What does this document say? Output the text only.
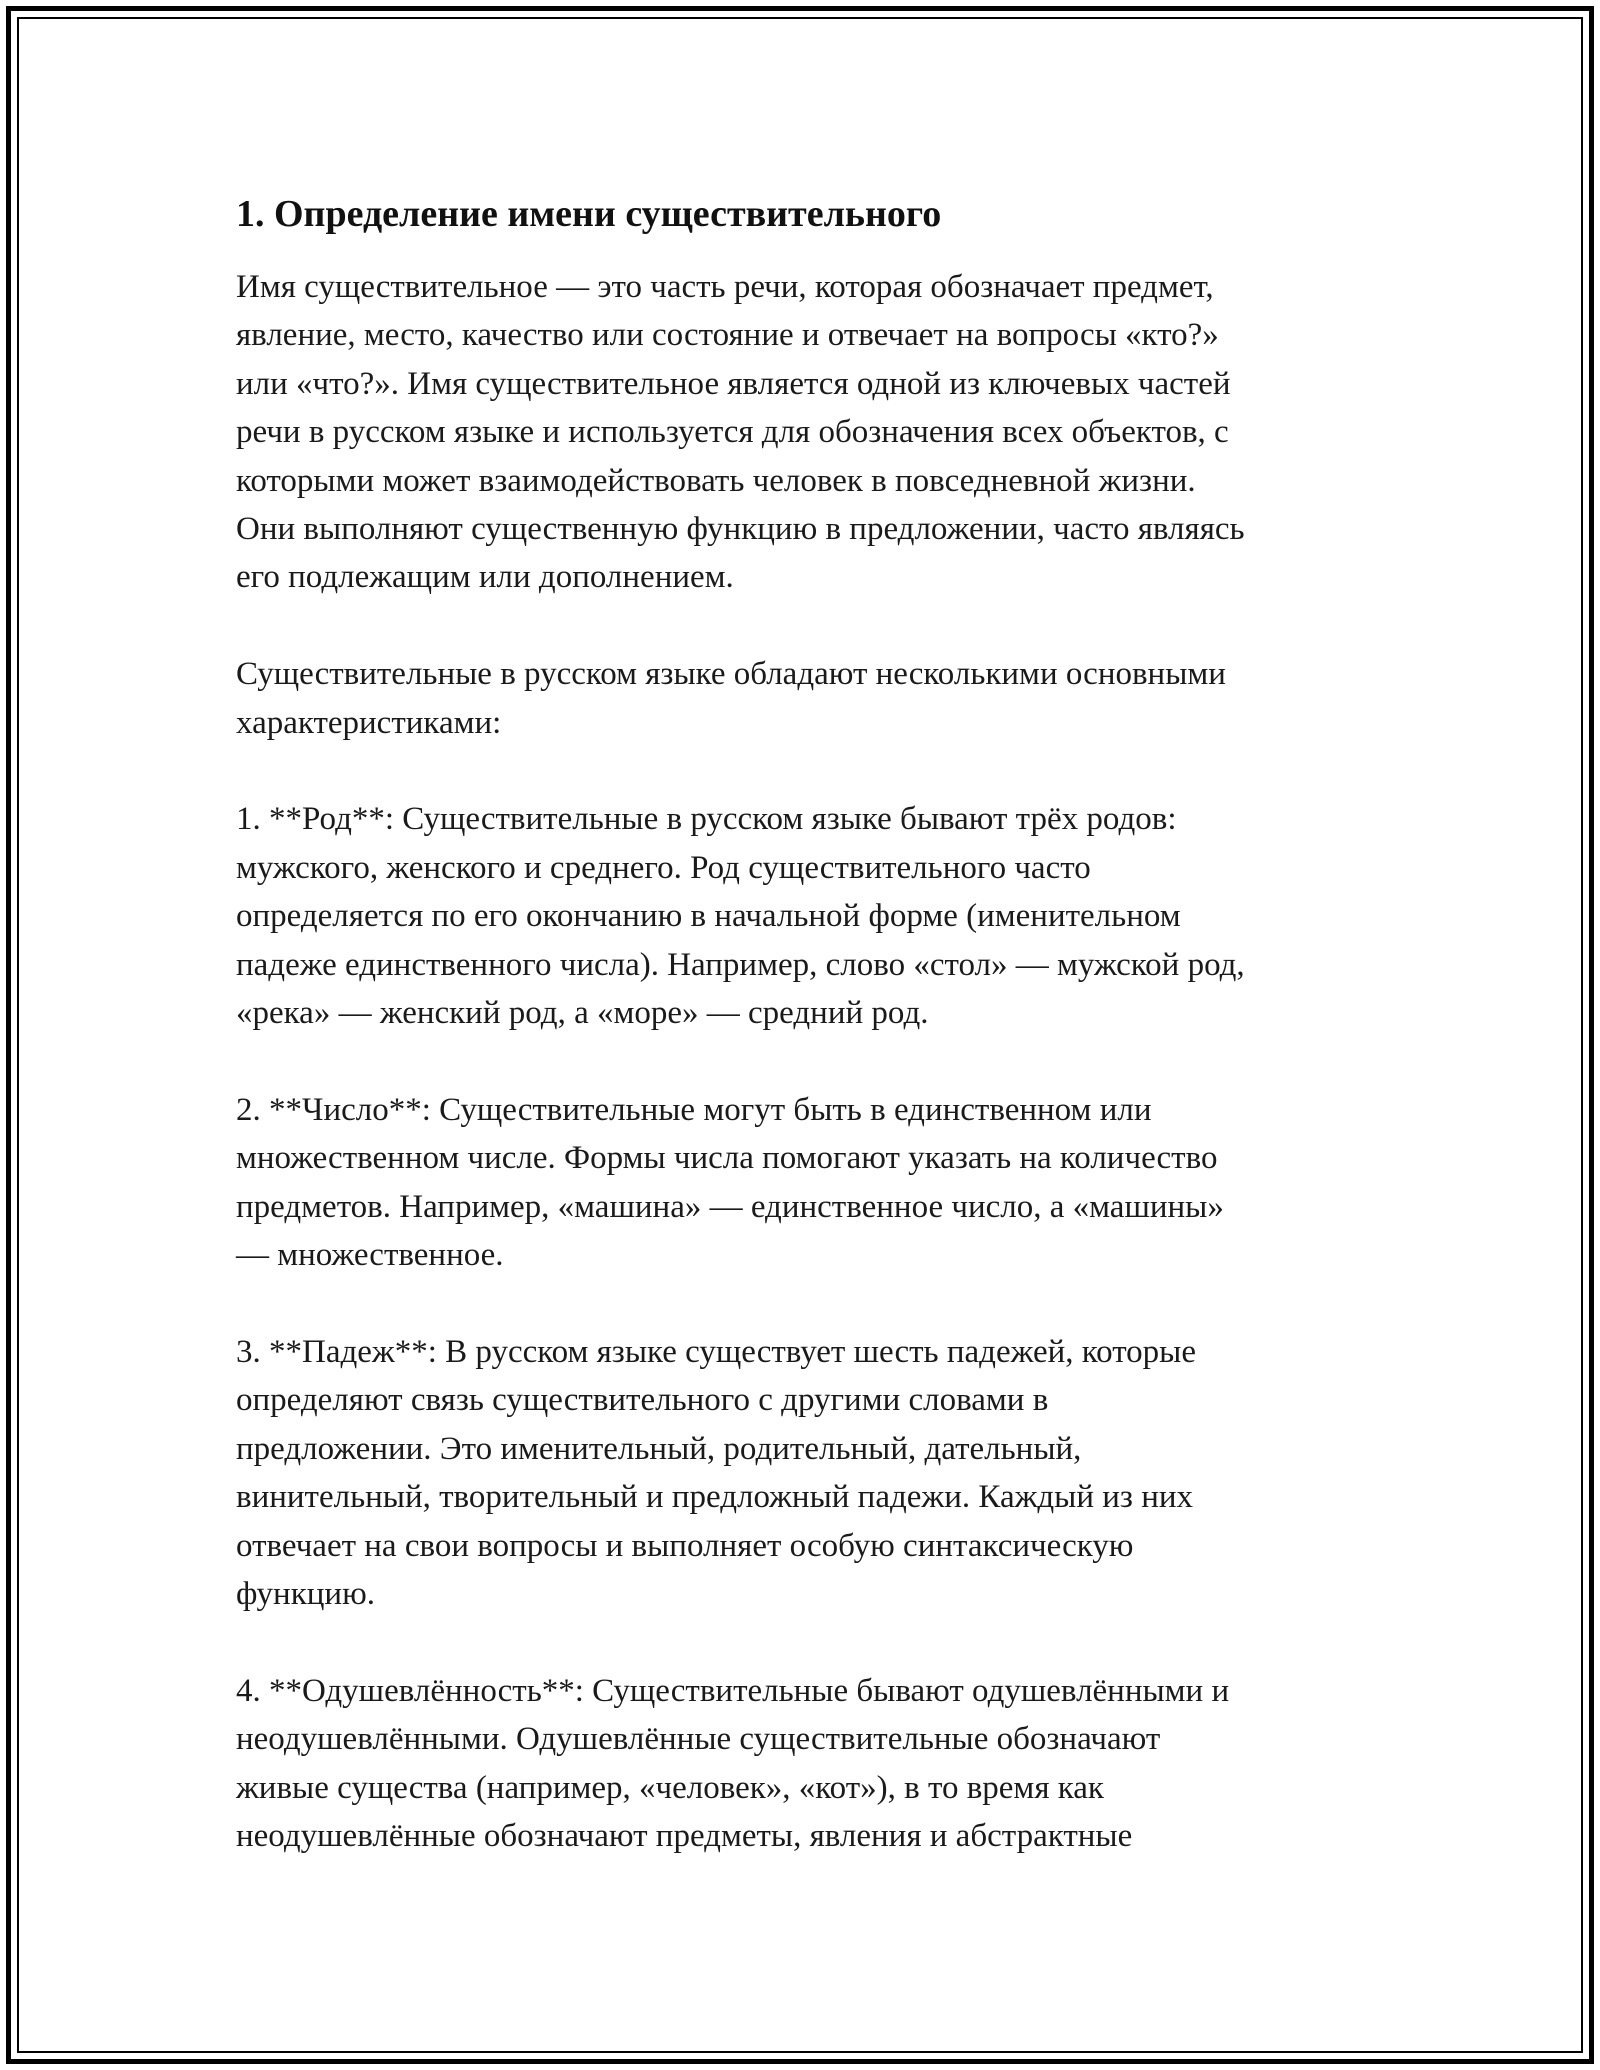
1. Определение имени существительного

Имя существительное — это часть речи, которая обозначает предмет,
явление, место, качество или состояние и отвечает на вопросы «кто?»
или «что?». Имя существительное является одной из ключевых частей
речи в русском языке и используется для обозначения всех объектов, с
которыми может взаимодействовать человек в повседневной жизни.
Они выполняют существенную функцию в предложении, часто являясь
его подлежащим или дополнением.

Существительные в русском языке обладают несколькими основными
характеристиками:

1. **Род**: Существительные в русском языке бывают трёх родов:
мужского, женского и среднего. Род существительного часто
определяется по его окончанию в начальной форме (именительном
падеже единственного числа). Например, слово «стол» — мужской род,
«река» — женский род, а «море» — средний род.

2. **Число**: Существительные могут быть в единственном или
множественном числе. Формы числа помогают указать на количество
предметов. Например, «машина» — единственное число, а «машины»
— множественное.

3. **Падеж**: В русском языке существует шесть падежей, которые
определяют связь существительного с другими словами в
предложении. Это именительный, родительный, дательный,
винительный, творительный и предложный падежи. Каждый из них
отвечает на свои вопросы и выполняет особую синтаксическую
функцию.

4. **Одушевлённость**: Существительные бывают одушевлёнными и
неодушевлёнными. Одушевлённые существительные обозначают
живые существа (например, «человек», «кот»), в то время как
неодушевлённые обозначают предметы, явления и абстрактные
